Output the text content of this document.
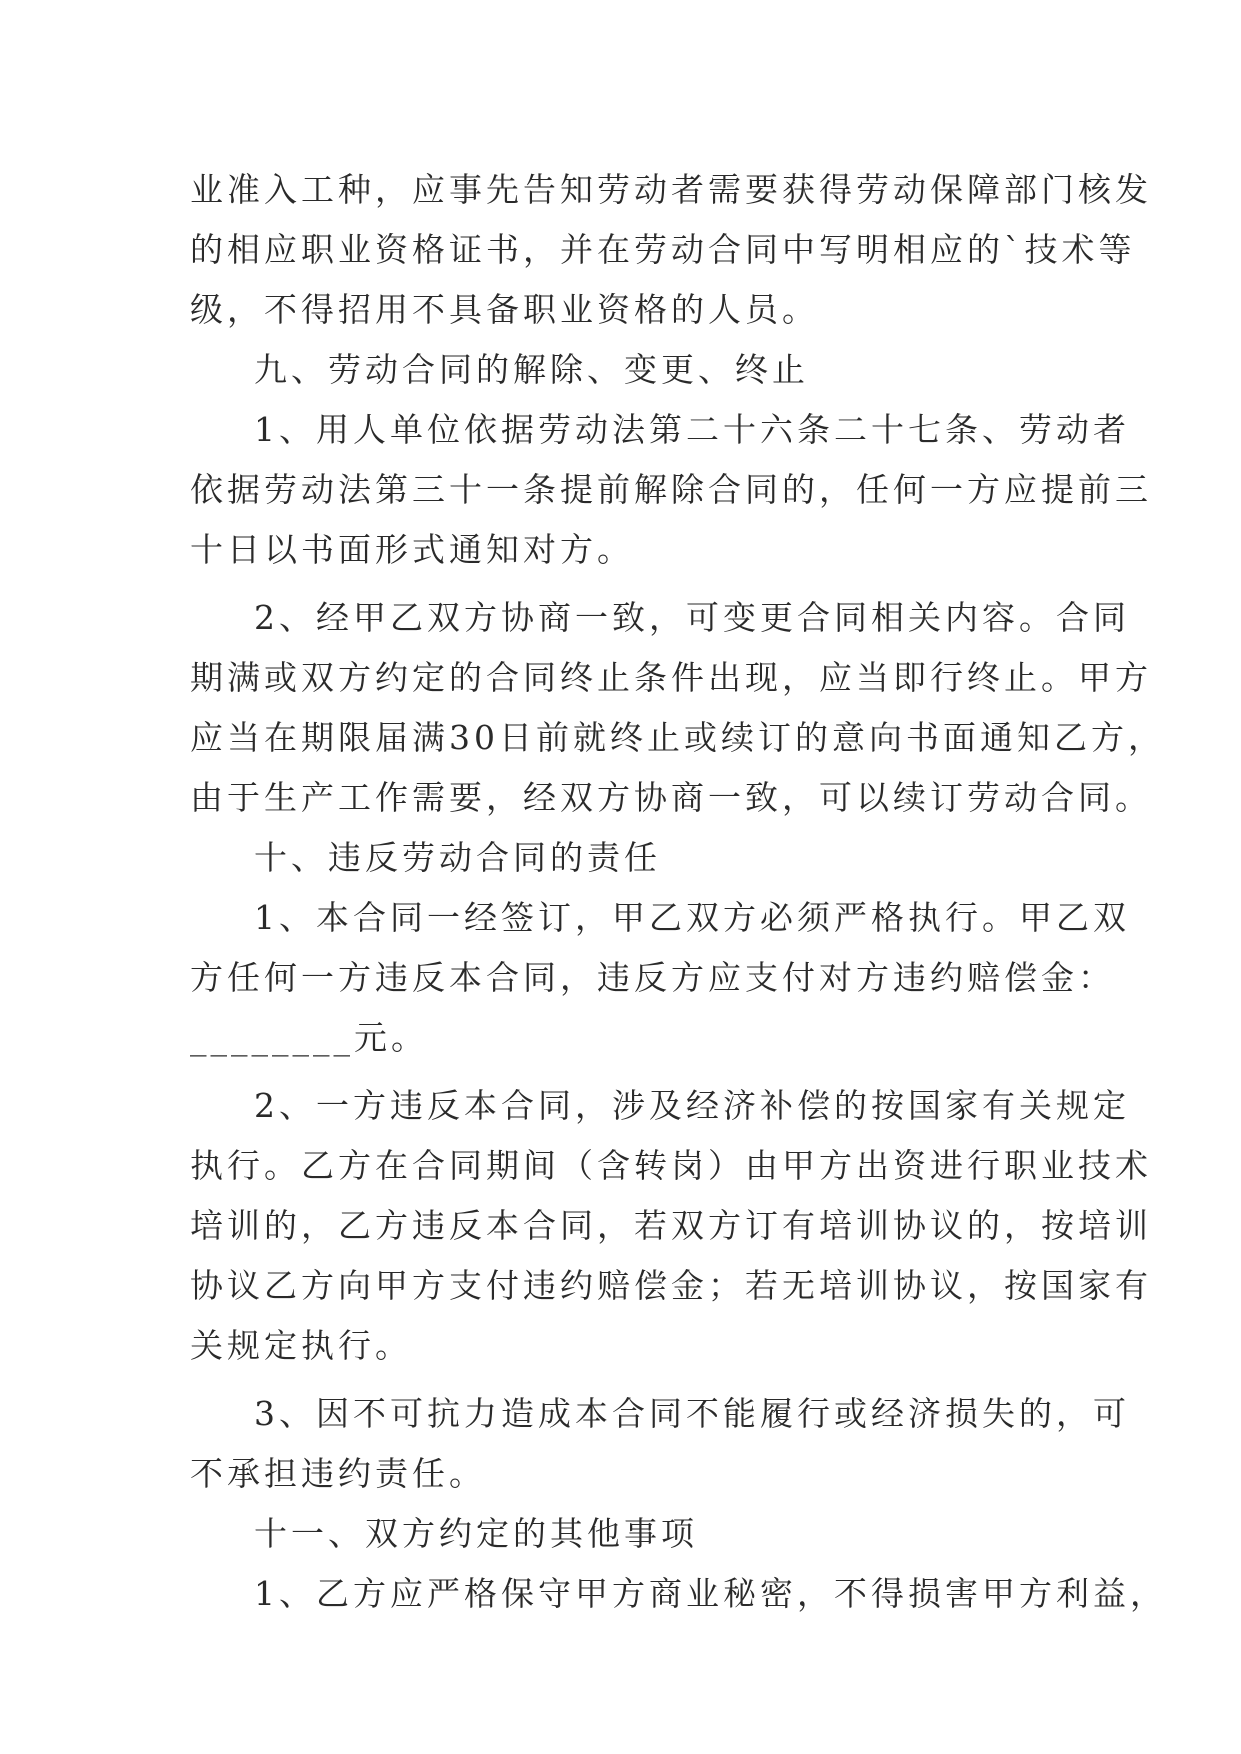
业准入工种，应事先告知劳动者需要获得劳动保障部门核发
的相应职业资格证书，并在劳动合同中写明相应的`技术等
级，不得招用不具备职业资格的人员。
九、劳动合同的解除、变更、终止
1、用人单位依据劳动法第二十六条二十七条、劳动者
依据劳动法第三十一条提前解除合同的，任何一方应提前三
十日以书面形式通知对方。
2、经甲乙双方协商一致，可变更合同相关内容。合同
期满或双方约定的合同终止条件出现，应当即行终止。甲方
应当在期限届满30日前就终止或续订的意向书面通知乙方，
由于生产工作需要，经双方协商一致，可以续订劳动合同。
十、违反劳动合同的责任
1、本合同一经签订，甲乙双方必须严格执行。甲乙双
方任何一方违反本合同，违反方应支付对方违约赔偿金：
________元。
2、一方违反本合同，涉及经济补偿的按国家有关规定
执行。乙方在合同期间（含转岗）由甲方出资进行职业技术
培训的，乙方违反本合同，若双方订有培训协议的，按培训
协议乙方向甲方支付违约赔偿金；若无培训协议，按国家有
关规定执行。
3、因不可抗力造成本合同不能履行或经济损失的，可
不承担违约责任。
十一、双方约定的其他事项
1、乙方应严格保守甲方商业秘密，不得损害甲方利益，
